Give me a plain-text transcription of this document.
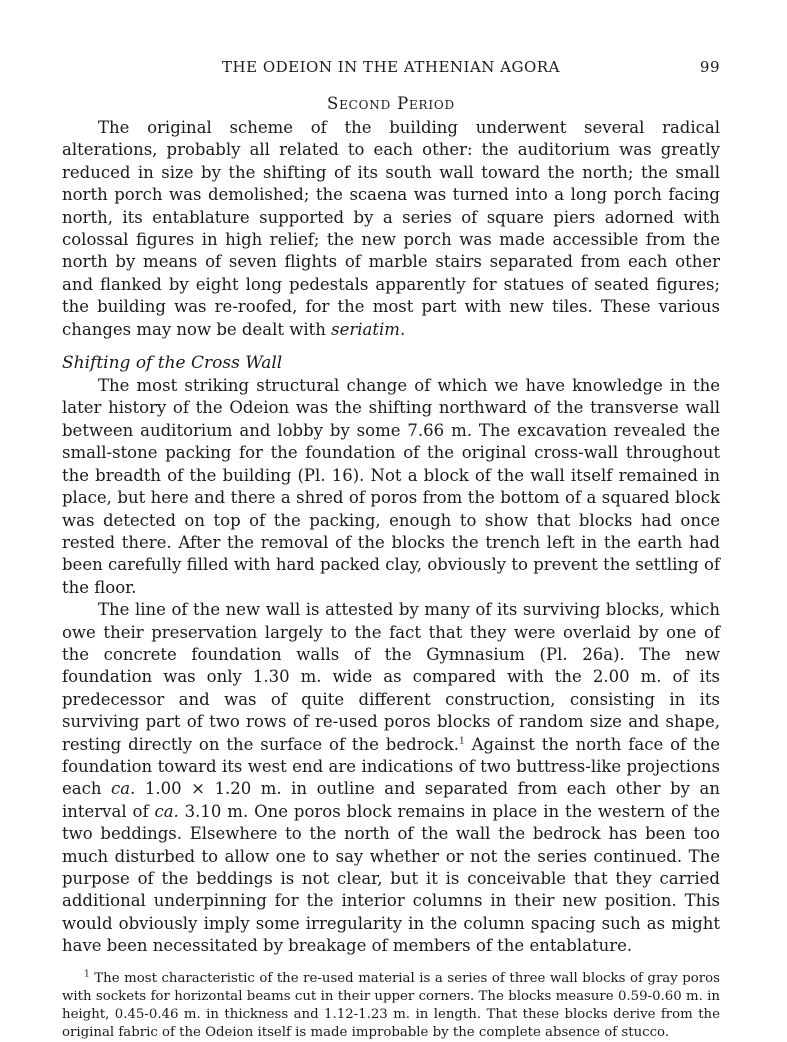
THE ODEION IN THE ATHENIAN AGORA	99
Second Period

The original scheme of the building underwent several radical alterations, probably all related to each other: the auditorium was greatly reduced in size by the shifting of its south wall toward the north; the small north porch was demolished; the scaena was turned into a long porch facing north, its entablature supported by a series of square piers adorned with colossal figures in high relief; the new porch was made accessible from the north by means of seven flights of marble stairs separated from each other and flanked by eight long pedestals apparently for statues of seated figures; the building was re-roofed, for the most part with new tiles. These various changes may now be dealt with seriatim.

Shifting of the Cross Wall

The most striking structural change of which we have knowledge in the later history of the Odeion was the shifting northward of the transverse wall between auditorium and lobby by some 7.66 m. The excavation revealed the small-stone packing for the foundation of the original cross-wall throughout the breadth of the building (Pl. 16). Not a block of the wall itself remained in place, but here and there a shred of poros from the bottom of a squared block was detected on top of the packing, enough to show that blocks had once rested there. After the removal of the blocks the trench left in the earth had been carefully filled with hard packed clay, obviously to prevent the settling of the floor.

The line of the new wall is attested by many of its surviving blocks, which owe their preservation largely to the fact that they were overlaid by one of the concrete foundation walls of the Gymnasium (Pl. 26a). The new foundation was only 1.30 m. wide as compared with the 2.00 m. of its predecessor and was of quite different construction, consisting in its surviving part of two rows of re-used poros blocks of random size and shape, resting directly on the surface of the bedrock.$^1$ Against the north face of the foundation toward its west end are indications of two buttress-like projections each ca. 1.00 × 1.20 m. in outline and separated from each other by an interval of ca. 3.10 m. One poros block remains in place in the western of the two beddings. Elsewhere to the north of the wall the bedrock has been too much disturbed to allow one to say whether or not the series continued. The purpose of the beddings is not clear, but it is conceivable that they carried additional underpinning for the interior columns in their new position. This would obviously imply some irregularity in the column spacing such as might have been necessitated by breakage of members of the entablature.

$^1$ The most characteristic of the re-used material is a series of three wall blocks of gray poros with sockets for horizontal beams cut in their upper corners. The blocks measure 0.59-0.60 m. in height, 0.45-0.46 m. in thickness and 1.12-1.23 m. in length. That these blocks derive from the original fabric of the Odeion itself is made improbable by the complete absence of stucco.
